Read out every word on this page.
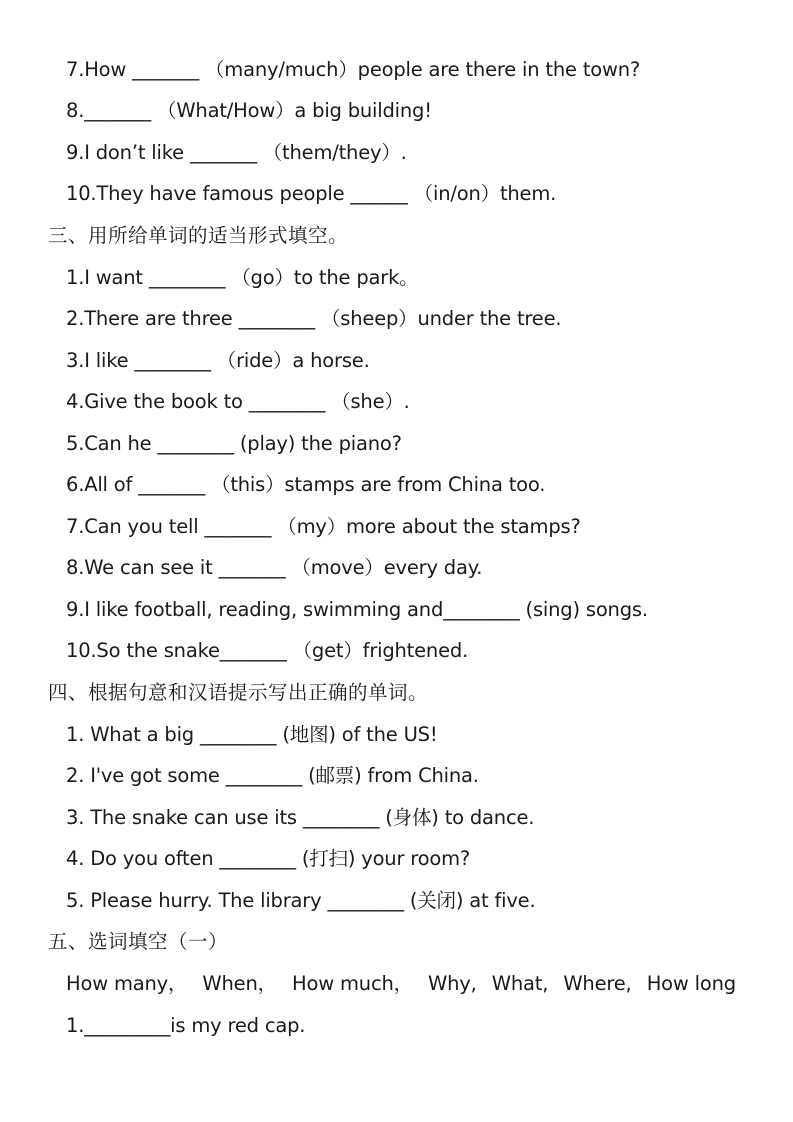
7.How _______ （many/much）people are there in the town?
8._______ （What/How）a big building!
9.I don’t like _______ （them/they）.
10.They have famous people ______ （in/on）them.
三、用所给单词的适当形式填空。
1.I want ________ （go）to the park。
2.There are three ________ （sheep）under the tree.
3.I like ________ （ride）a horse.
4.Give the book to ________ （she）.
5.Can he ________ (play) the piano?
6.All of _______ （this）stamps are from China too.
7.Can you tell _______ （my）more about the stamps?
8.We can see it _______ （move）every day.
9.I like football, reading, swimming and________ (sing) songs.
10.So the snake_______ （get）frightened.
四、根据句意和汉语提示写出正确的单词。
1. What a big ________ (地图) of the US!
2. I've got some ________ (邮票) from China.
3. The snake can use its ________ (身体) to dance.
4. Do you often ________ (打扫) your room?
5. Please hurry. The library ________ (关闭) at five.
五、选词填空（一）
How many， When， How much， Why, What, Where, How long
1._________is my red cap.
